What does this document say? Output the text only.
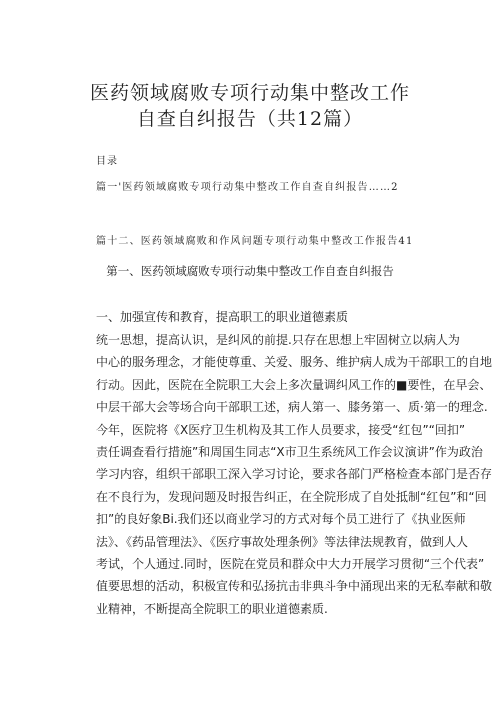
医药领域腐败专项行动集中整改工作
自查自纠报告（共12篇）
目录
篇一'医药领域腐败专项行动集中整改工作自查自纠报告……2
篇十二、医药领域腐败和作风问题专项行动集中整改工作报告41
第一、医药领域腐败专项行动集中整改工作自查自纠报告
一、加强宣传和教育，提高职工的职业道德素质
统一思想，提高认识，是纠风的前提.只存在思想上牢固树立以病人为
中心的服务理念，才能使尊重、关爱、服务、维护病人成为干部职工的自地
行动。因此，医院在全院职工大会上多次量调纠风工作的■要性，在早会、
中层干部大会等场合向干部职工述，病人第一、膝务第一、质·第一的理念.
今年，医院将《X医疗卫生机构及其工作人员要求，接受“红包”“回扣”
责任调查看行措施”和周国生同志“X市卫生系统风工作会议演讲”作为政治
学习内容，组织干部职工深入学习讨论，要求各部门严格检查本部门是否存
在不良行为，发现问题及时报告纠正，在全院形成了自处抵制“红包”和“回
扣”的良好象Bi.我们还以商业学习的方式对每个员工进行了《执业医师
法》、《药品管理法》、《医疗事故处理条例》等法律法规教育，做到人人
考试，个人通过.同时，医院在党员和群众中大力开展学习贯彻“三个代表”
值要思想的活动，积极宣传和弘扬抗击非典斗争中涌现出来的无私奉献和敬
业精神，不断提高全院职工的职业道德素质.
